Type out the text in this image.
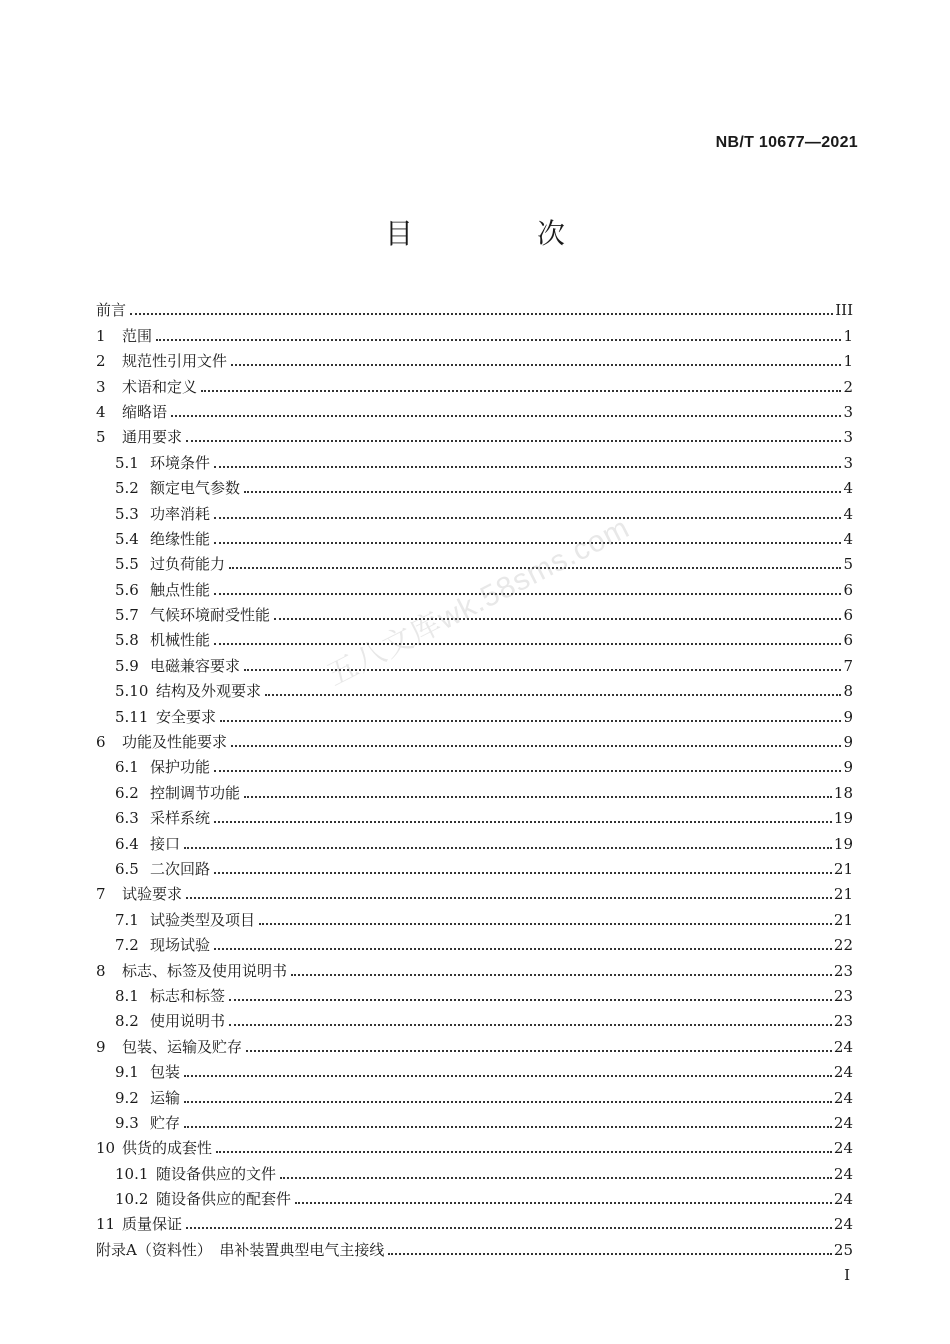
NB/T 10677—2021
目　次
前言	III
1	范围	1
2	规范性引用文件	1
3	术语和定义	2
4	缩略语	3
5	通用要求	3
5.1 环境条件	3
5.2 额定电气参数	4
5.3 功率消耗	4
5.4 绝缘性能	4
5.5 过负荷能力	5
5.6 触点性能	6
5.7 气候环境耐受性能	6
5.8 机械性能	6
5.9 电磁兼容要求	7
5.10 结构及外观要求	8
5.11 安全要求	9
6	功能及性能要求	9
6.1 保护功能	9
6.2 控制调节功能	18
6.3 采样系统	19
6.4 接口	19
6.5 二次回路	21
7	试验要求	21
7.1 试验类型及项目	21
7.2 现场试验	22
8	标志、标签及使用说明书	23
8.1 标志和标签	23
8.2 使用说明书	23
9	包装、运输及贮存	24
9.1 包装	24
9.2 运输	24
9.3 贮存	24
10 供货的成套性	24
10.1 随设备供应的文件	24
10.2 随设备供应的配套件	24
11 质量保证	24
附录A （资料性）　串补装置典型电气主接线	25
I
五八文库wk.58sms.com
